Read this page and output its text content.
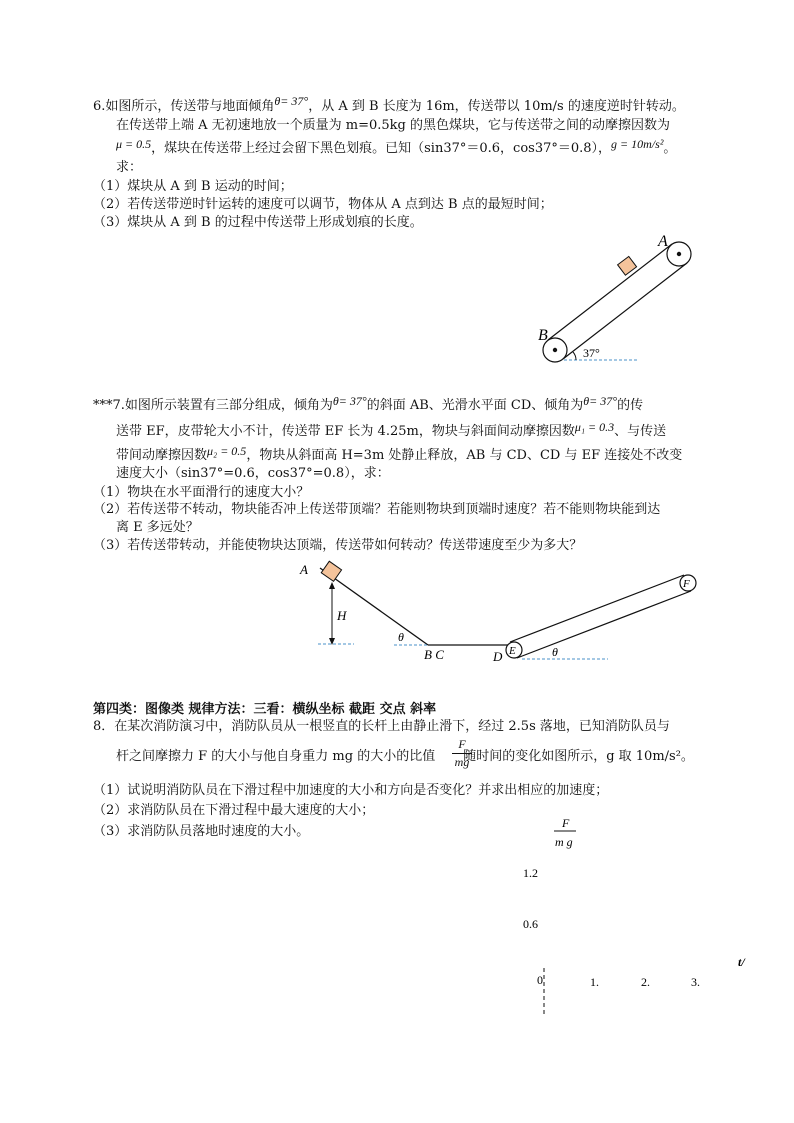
6.如图所示，传送带与地面倾角θ= 37°，从 A 到 B 长度为 16m，传送带以 10m/s 的速度逆时针转动。
在传送带上端 A 无初速地放一个质量为 m=0.5kg 的黑色煤块，它与传送带之间的动摩擦因数为
μ = 0.5，煤块在传送带上经过会留下黑色划痕。已知（sin37°＝0.6，cos37°＝0.8），g = 10m/s²。
求：
（1）煤块从 A 到 B 运动的时间；
（2）若传送带逆时针运转的速度可以调节，物体从 A 点到达 B 点的最短时间；
（3）煤块从 A 到 B 的过程中传送带上形成划痕的长度。
A
B
37°
***7.如图所示装置有三部分组成，倾角为θ= 37°的斜面 AB、光滑水平面 CD、倾角为θ= 37°的传
送带 EF，皮带轮大小不计，传送带 EF 长为 4.25m，物块与斜面间动摩擦因数μ₁ = 0.3、与传送
带间动摩擦因数μ₂ = 0.5，物块从斜面高 H=3m 处静止释放，AB 与 CD、CD 与 EF 连接处不改变
速度大小（sin37°=0.6，cos37°=0.8），求：
（1）物块在水平面滑行的速度大小？
（2）若传送带不转动，物块能否冲上传送带顶端？若能则物块到顶端时速度？若不能则物块能到达
离 E 多远处？
（3）若传送带转动，并能使物块达顶端，传送带如何转动？传送带速度至少为多大？
A
H
θ
B C	D E
F
θ
第四类：图像类 规律方法：三看：横纵坐标 截距 交点 斜率
8．在某次消防演习中，消防队员从一根竖直的长杆上由静止滑下，经过 2.5s 落地，已知消防队员与
杆之间摩擦力 F 的大小与他自身重力 mg 的大小的比值 随时间的变化如图所示，g 取 10m/s²。
F
mg
（1）试说明消防队员在下滑过程中加速度的大小和方向是否变化？并求出相应的加速度；
（2）求消防队员在下滑过程中最大速度的大小；
（3）求消防队员落地时速度的大小。
F
m g
1.2
0.6
t/
0	1.	2.	3.
